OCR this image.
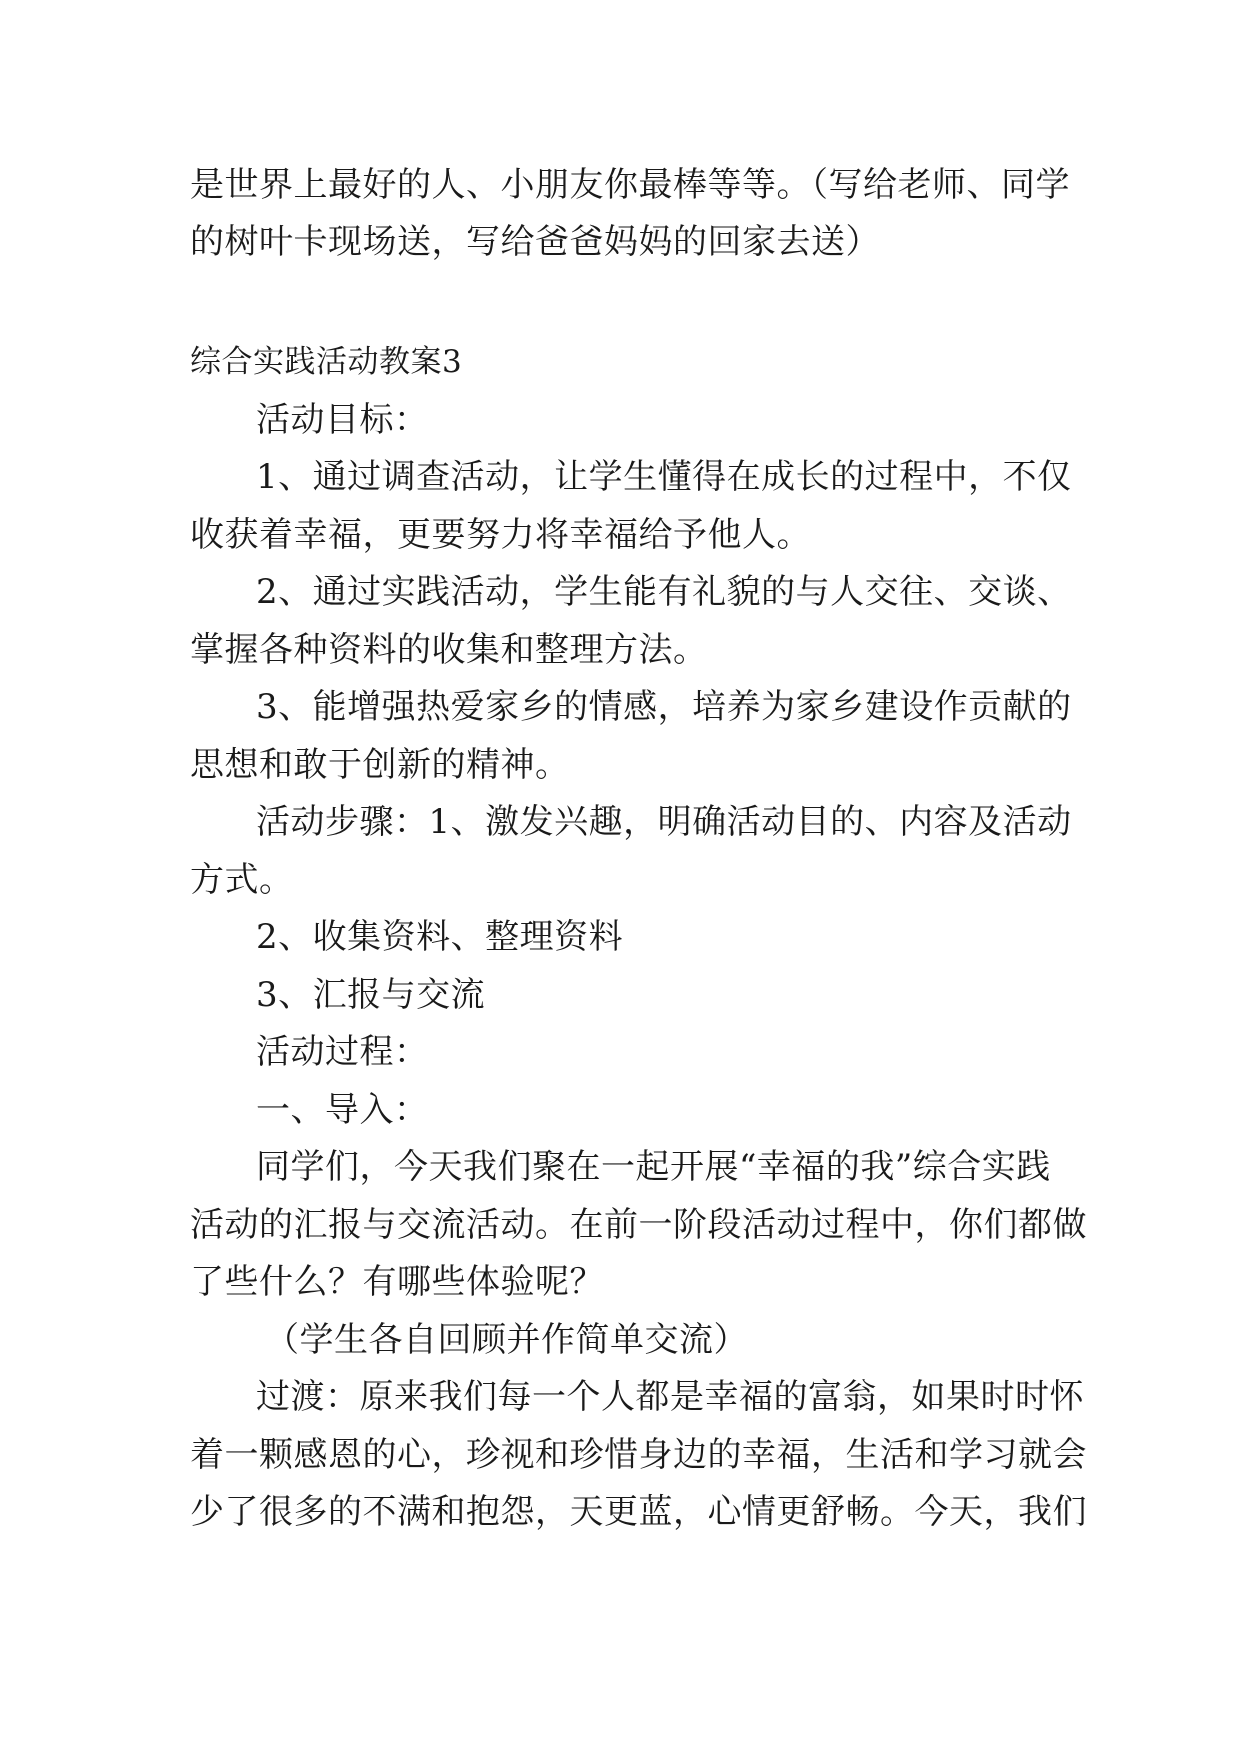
是世界上最好的人、小朋友你最棒等等。（写给老师、同学
的树叶卡现场送，写给爸爸妈妈的回家去送）
综合实践活动教案3
活动目标：
1、通过调查活动，让学生懂得在成长的过程中，不仅
收获着幸福，更要努力将幸福给予他人。
2、通过实践活动，学生能有礼貌的与人交往、交谈、
掌握各种资料的收集和整理方法。
3、能增强热爱家乡的情感，培养为家乡建设作贡献的
思想和敢于创新的精神。
活动步骤：1、激发兴趣，明确活动目的、内容及活动
方式。
2、收集资料、整理资料
3、汇报与交流
活动过程：
一、导入：
同学们，今天我们聚在一起开展“幸福的我”综合实践
活动的汇报与交流活动。在前一阶段活动过程中，你们都做
了些什么？有哪些体验呢？
（学生各自回顾并作简单交流）
过渡：原来我们每一个人都是幸福的富翁，如果时时怀
着一颗感恩的心，珍视和珍惜身边的幸福，生活和学习就会
少了很多的不满和抱怨，天更蓝，心情更舒畅。今天，我们
